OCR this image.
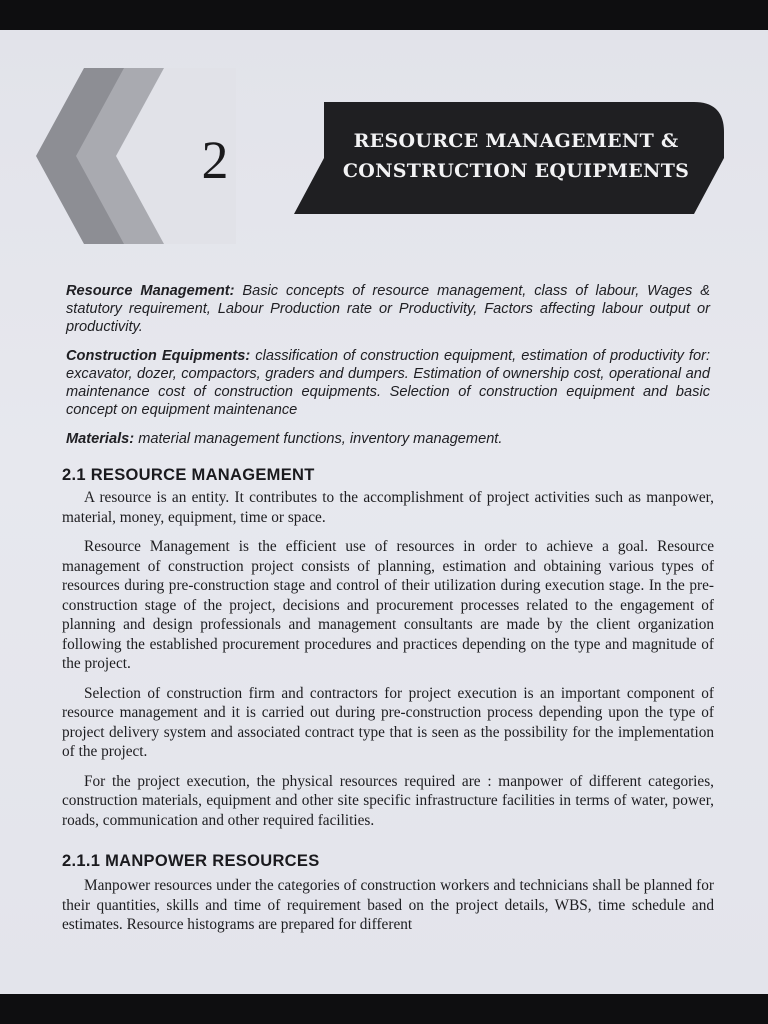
2	RESOURCE MANAGEMENT &
CONSTRUCTION EQUIPMENTS

Resource Management: Basic concepts of resource management, class of labour, Wages & statutory requirement, Labour Production rate or Productivity, Factors affecting labour output or productivity.

Construction Equipments: classification of construction equipment, estimation of productivity for: excavator, dozer, compactors, graders and dumpers. Estimation of ownership cost, operational and maintenance cost of construction equipments. Selection of construction equipment and basic concept on equipment maintenance

Materials: material management functions, inventory management.

2.1 RESOURCE MANAGEMENT

A resource is an entity. It contributes to the accomplishment of project activities such as manpower, material, money, equipment, time or space.

Resource Management is the efficient use of resources in order to achieve a goal. Resource management of construction project consists of planning, estimation and obtaining various types of resources during pre-construction stage and control of their utilization during execution stage. In the pre-construction stage of the project, decisions and procurement processes related to the engagement of planning and design professionals and management consultants are made by the client organization following the established procurement procedures and practices depending on the type and magnitude of the project.

Selection of construction firm and contractors for project execution is an important component of resource management and it is carried out during pre-construction process depending upon the type of project delivery system and associated contract type that is seen as the possibility for the implementation of the project.

For the project execution, the physical resources required are : manpower of different categories, construction materials, equipment and other site specific infrastructure facilities in terms of water, power, roads, communication and other required facilities.

2.1.1 MANPOWER RESOURCES

Manpower resources under the categories of construction workers and technicians shall be planned for their quantities, skills and time of requirement based on the project details, WBS, time schedule and estimates. Resource histograms are prepared for different
